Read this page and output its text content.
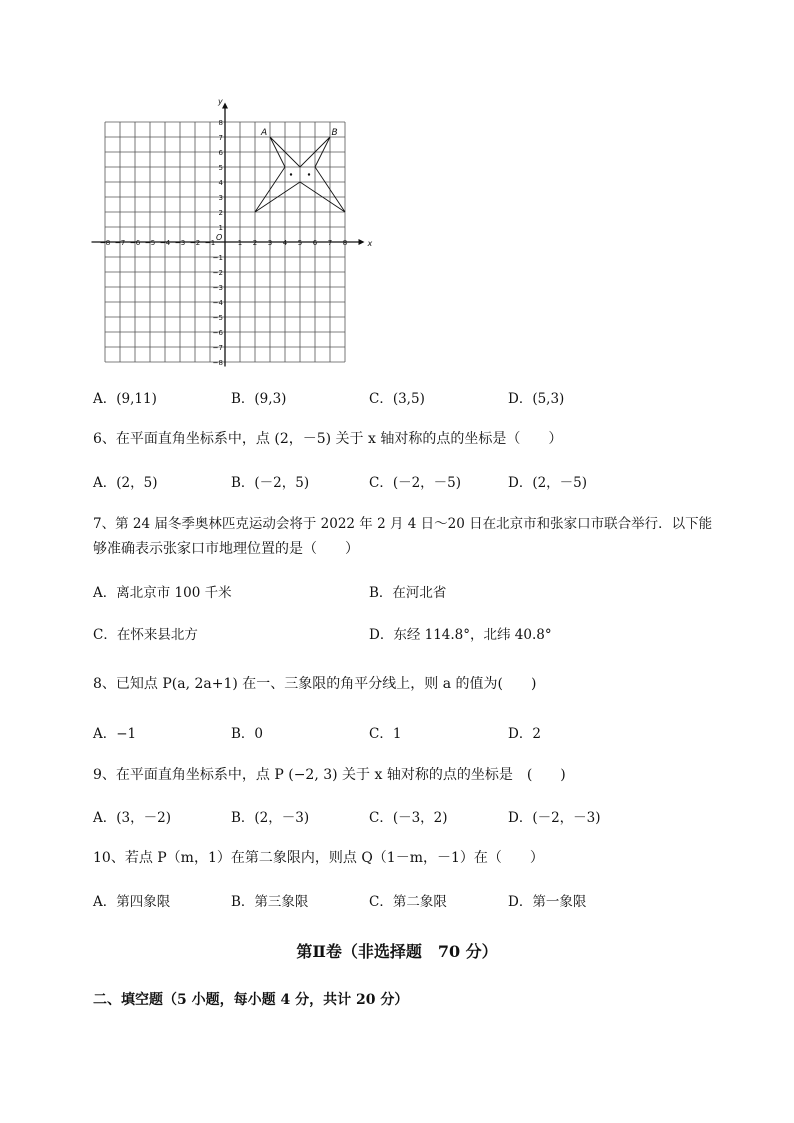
x
y
O
−8
−8
−7
−7
−6
−6
−5
−5
−4
−4
−3
−3
−2
−2
−1
−1
1
1
2
2
3
3
4
4
5
5
6
6
7
7
8
8
A	B
A．(9,11)	B．(9,3)	C．(3,5)	D．(5,3)
6、在平面直角坐标系中，点 (2，－5) 关于 x 轴对称的点的坐标是（　　）
A．(2，5)	B．(－2，5)	C．(－2，－5)	D．(2，－5)
7、第 24 届冬季奥林匹克运动会将于 2022 年 2 月 4 日～20 日在北京市和张家口市联合举行．以下能
够准确表示张家口市地理位置的是（　　）
A．离北京市 100 千米	B．在河北省
C．在怀来县北方	D．东经 114.8°，北纬 40.8°
8、已知点 P(a, 2a+1) 在一、三象限的角平分线上，则 a 的值为(　　)
A．−1	B．0	C．1	D．2
9、在平面直角坐标系中，点 P (−2, 3) 关于 x 轴对称的点的坐标是　(　　)
A．(3，－2)	B．(2，－3)	C．(－3，2)	D．(－2，－3)
10、若点 P（m，1）在第二象限内，则点 Q（1－m，－1）在（　　）
A．第四象限	B．第三象限	C．第二象限	D．第一象限
第Ⅱ卷（非选择题　70 分）
二、填空题（5 小题，每小题 4 分，共计 20 分）
